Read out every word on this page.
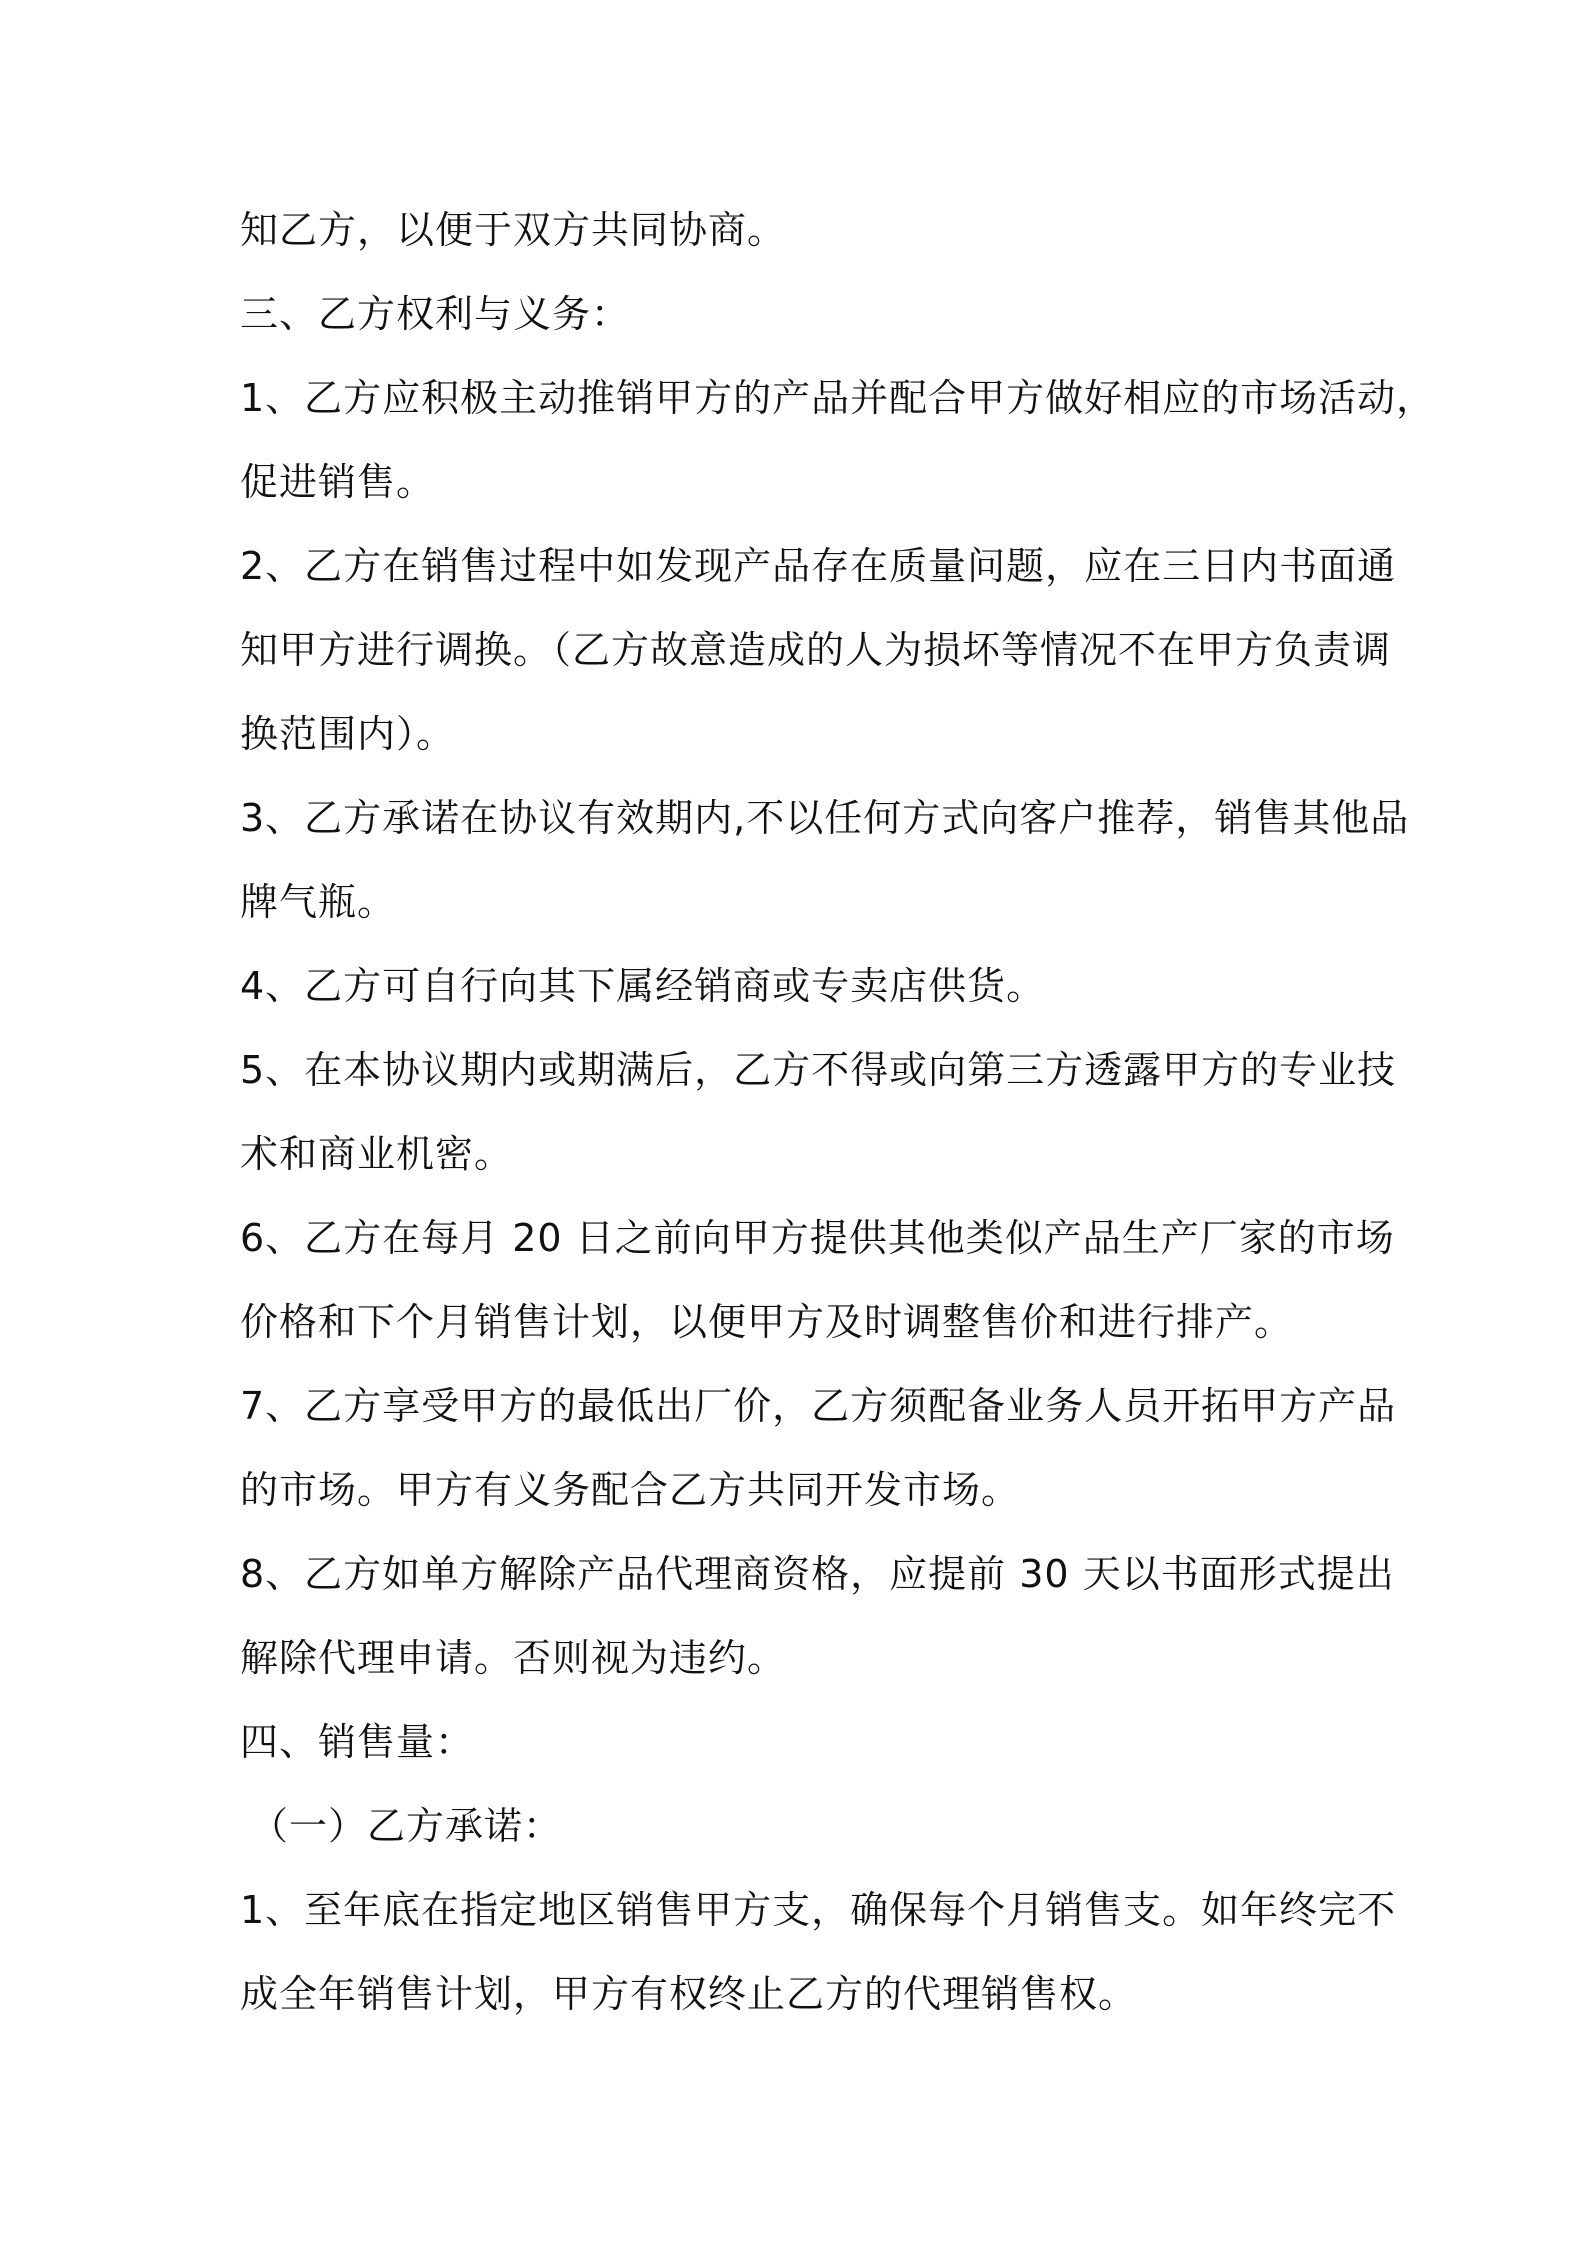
知乙方，以便于双方共同协商。
三、乙方权利与义务：
1、乙方应积极主动推销甲方的产品并配合甲方做好相应的市场活动，
促进销售。
2、乙方在销售过程中如发现产品存在质量问题，应在三日内书面通
知甲方进行调换。（乙方故意造成的人为损坏等情况不在甲方负责调
换范围内）。
3、乙方承诺在协议有效期内,不以任何方式向客户推荐，销售其他品
牌气瓶。
4、乙方可自行向其下属经销商或专卖店供货。
5、在本协议期内或期满后，乙方不得或向第三方透露甲方的专业技
术和商业机密。
6、乙方在每月 20 日之前向甲方提供其他类似产品生产厂家的市场
价格和下个月销售计划，以便甲方及时调整售价和进行排产。
7、乙方享受甲方的最低出厂价，乙方须配备业务人员开拓甲方产品
的市场。甲方有义务配合乙方共同开发市场。
8、乙方如单方解除产品代理商资格，应提前 30 天以书面形式提出
解除代理申请。否则视为违约。
四、销售量：
（一）乙方承诺：
1、至年底在指定地区销售甲方支，确保每个月销售支。如年终完不
成全年销售计划，甲方有权终止乙方的代理销售权。
